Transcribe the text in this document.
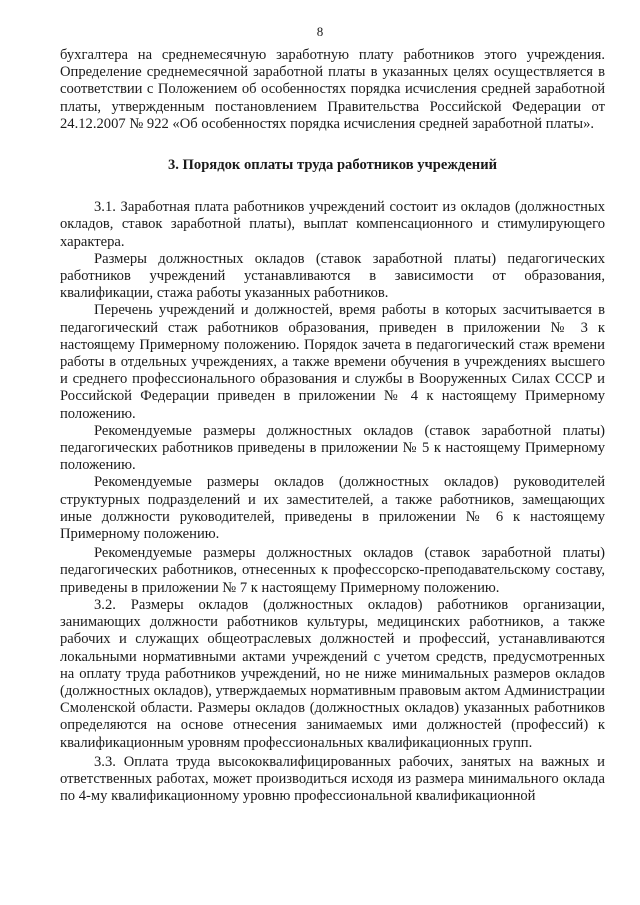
8

бухгалтера на среднемесячную заработную плату работников этого учреждения. Определение среднемесячной заработной платы в указанных целях осуществляется в соответствии с Положением об особенностях порядка исчисления средней заработной платы, утвержденным постановлением Правительства Российской Федерации от 24.12.2007 № 922 «Об особенностях порядка исчисления средней заработной платы».

3. Порядок оплаты труда работников учреждений

3.1. Заработная плата работников учреждений состоит из окладов (должностных окладов, ставок заработной платы), выплат компенсационного и стимулирующего характера.

Размеры должностных окладов (ставок заработной платы) педагогических работников учреждений устанавливаются в зависимости от образования, квалификации, стажа работы указанных работников.

Перечень учреждений и должностей, время работы в которых засчитывается в педагогический стаж работников образования, приведен в приложении № 3 к настоящему Примерному положению. Порядок зачета в педагогический стаж времени работы в отдельных учреждениях, а также времени обучения в учреждениях высшего и среднего профессионального образования и службы в Вооруженных Силах СССР и Российской Федерации приведен в приложении № 4 к настоящему Примерному положению.

Рекомендуемые размеры должностных окладов (ставок заработной платы) педагогических работников приведены в приложении № 5 к настоящему Примерному положению.

Рекомендуемые размеры окладов (должностных окладов) руководителей структурных подразделений и их заместителей, а также работников, замещающих иные должности руководителей, приведены в приложении № 6 к настоящему Примерному положению.

Рекомендуемые размеры должностных окладов (ставок заработной платы) педагогических работников, отнесенных к профессорско-преподавательскому составу, приведены в приложении № 7 к настоящему Примерному положению.

3.2. Размеры окладов (должностных окладов) работников организации, занимающих должности работников культуры, медицинских работников, а также рабочих и служащих общеотраслевых должностей и профессий, устанавливаются локальными нормативными актами учреждений с учетом средств, предусмотренных на оплату труда работников учреждений, но не ниже минимальных размеров окладов (должностных окладов), утверждаемых нормативным правовым актом Администрации Смоленской области. Размеры окладов (должностных окладов) указанных работников определяются на основе отнесения занимаемых ими должностей (профессий) к квалификационным уровням профессиональных квалификационных групп.

3.3. Оплата труда высококвалифицированных рабочих, занятых на важных и ответственных работах, может производиться исходя из размера минимального оклада по 4-му квалификационному уровню профессиональной квалификационной
